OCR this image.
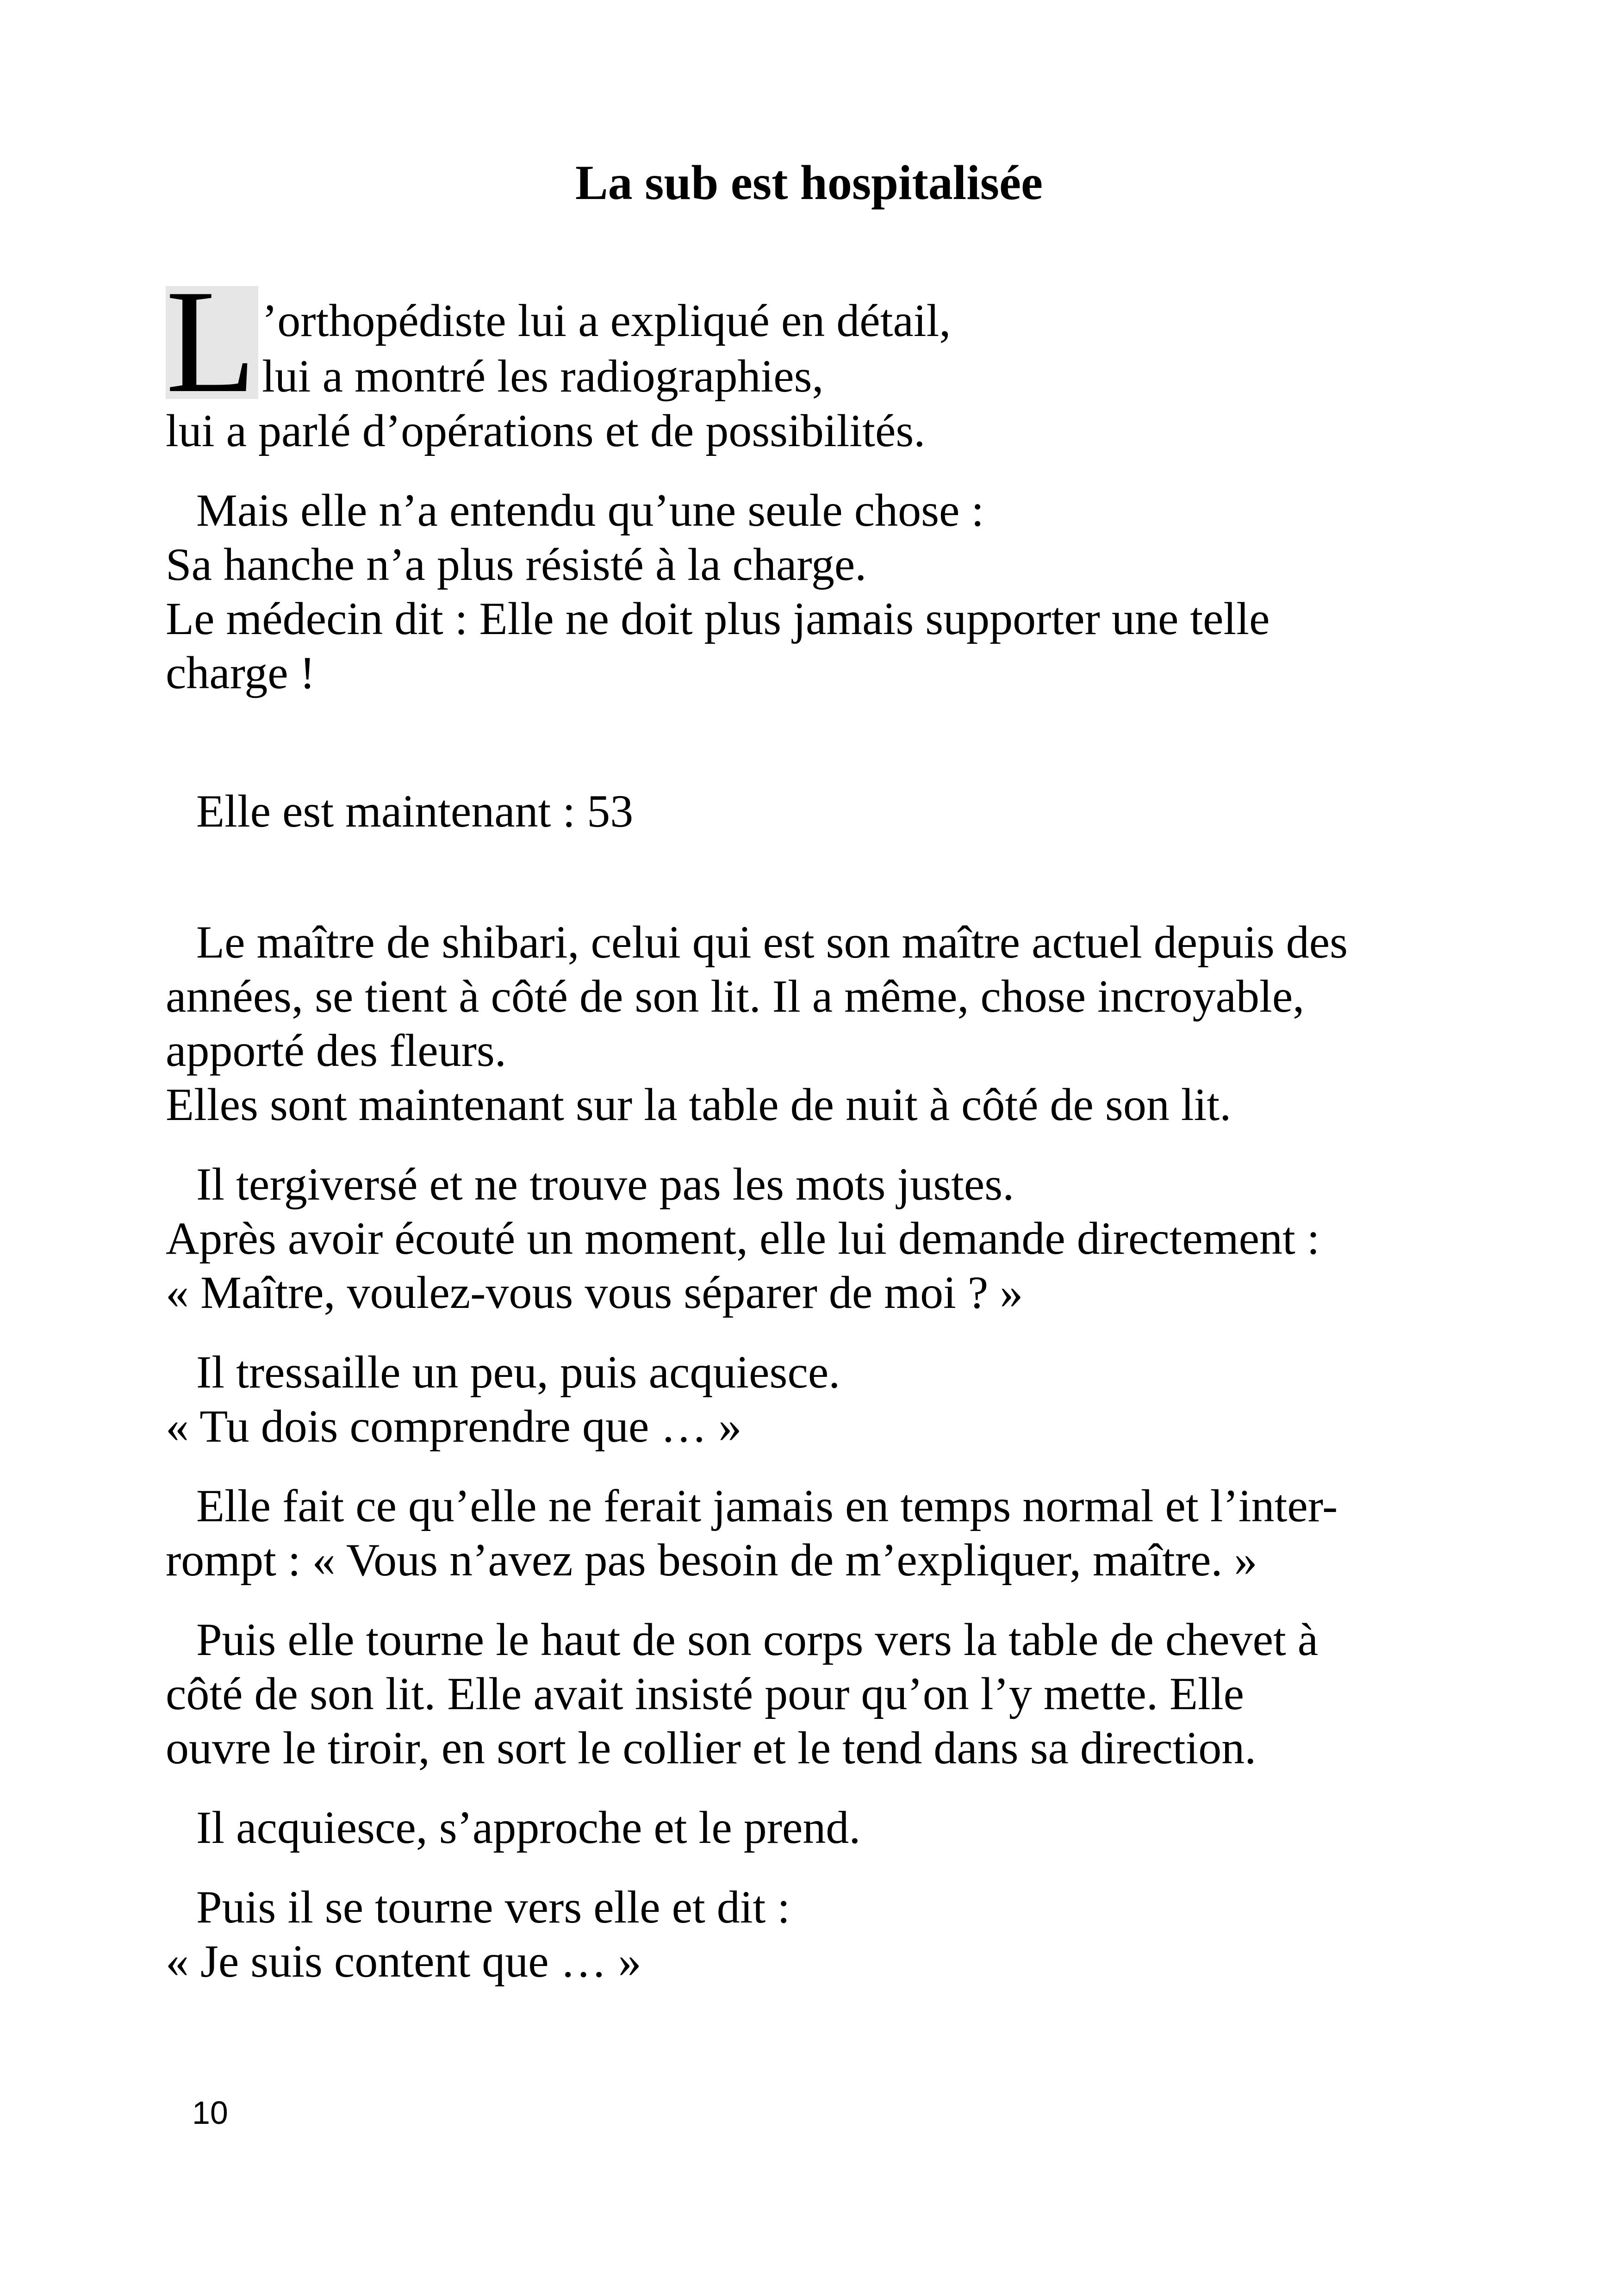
La sub est hospitalisée
L ’orthopédiste lui a expliqué en détail,
lui a montré les radiographies,
lui a parlé d’opérations et de possibilités.
Mais elle n’a entendu qu’une seule chose :
Sa hanche n’a plus résisté à la charge.
Le médecin dit : Elle ne doit plus jamais supporter une telle
charge !
Elle est maintenant : 53
Le maître de shibari, celui qui est son maître actuel depuis des
années, se tient à côté de son lit. Il a même, chose incroyable,
apporté des fleurs.
Elles sont maintenant sur la table de nuit à côté de son lit.
Il tergiversé et ne trouve pas les mots justes.
Après avoir écouté un moment, elle lui demande directement :
« Maître, voulez-vous vous séparer de moi ? »
Il tressaille un peu, puis acquiesce.
« Tu dois comprendre que … »
Elle fait ce qu’elle ne ferait jamais en temps normal et l’inter-
rompt : « Vous n’avez pas besoin de m’expliquer, maître. »
Puis elle tourne le haut de son corps vers la table de chevet à
côté de son lit. Elle avait insisté pour qu’on l’y mette. Elle
ouvre le tiroir, en sort le collier et le tend dans sa direction.
Il acquiesce, s’approche et le prend.
Puis il se tourne vers elle et dit :
« Je suis content que … »
10
